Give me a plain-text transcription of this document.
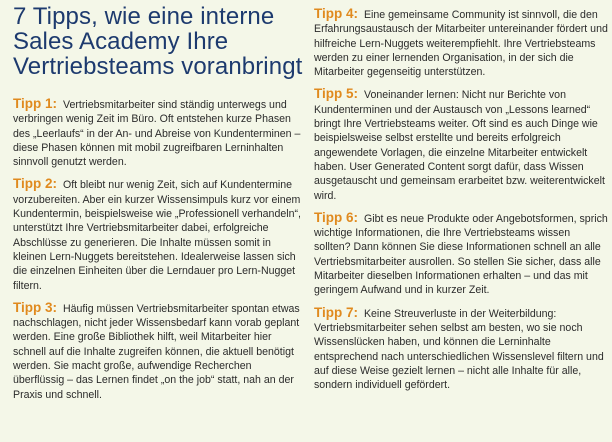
7 Tipps, wie eine interne Sales Academy Ihre Vertriebsteams voranbringt

Tipp 1: Vertriebsmitarbeiter sind ständig unterwegs und verbringen wenig Zeit im Büro. Oft entstehen kurze Phasen des „Leerlaufs“ in der An- und Abreise von Kundenterminen – diese Phasen können mit mobil zugreifbaren Lerninhalten sinnvoll genutzt werden.

Tipp 2: Oft bleibt nur wenig Zeit, sich auf Kundentermine vorzubereiten. Aber ein kurzer Wissensimpuls kurz vor einem Kundentermin, beispielsweise wie „Professionell verhandeln“, unterstützt Ihre Vertriebsmitarbeiter dabei, erfolgreiche Abschlüsse zu generieren. Die Inhalte müssen somit in kleinen Lern-Nuggets bereitstehen. Idealerweise lassen sich die einzelnen Einheiten über die Lerndauer pro Lern-Nugget filtern.

Tipp 3: Häufig müssen Vertriebsmitarbeiter spontan etwas nachschlagen, nicht jeder Wissensbedarf kann vorab geplant werden. Eine große Bibliothek hilft, weil Mitarbeiter hier schnell auf die Inhalte zugreifen können, die aktuell benötigt werden. Sie macht große, aufwendige Recherchen überflüssig – das Lernen findet „on the job“ statt, nah an der Praxis und schnell.

Tipp 4: Eine gemeinsame Community ist sinnvoll, die den Erfahrungsaustausch der Mitarbeiter untereinander fördert und hilfreiche Lern-Nuggets weiterempfiehlt. Ihre Vertriebsteams werden zu einer lernenden Organisation, in der sich die Mitarbeiter gegenseitig unterstützen.

Tipp 5: Voneinander lernen: Nicht nur Berichte von Kundenterminen und der Austausch von „Lessons learned“ bringt Ihre Vertriebsteams weiter. Oft sind es auch Dinge wie beispielsweise selbst erstellte und bereits erfolgreich angewendete Vorlagen, die einzelne Mitarbeiter entwickelt haben. User Generated Content sorgt dafür, dass Wissen ausgetauscht und gemeinsam erarbeitet bzw. weiterentwickelt wird.

Tipp 6: Gibt es neue Produkte oder Angebotsformen, sprich wichtige Informationen, die Ihre Vertriebsteams wissen sollten? Dann können Sie diese Informationen schnell an alle Vertriebsmitarbeiter ausrollen. So stellen Sie sicher, dass alle Mitarbeiter dieselben Informationen erhalten – und das mit geringem Aufwand und in kurzer Zeit.

Tipp 7: Keine Streuverluste in der Weiterbildung: Vertriebsmitarbeiter sehen selbst am besten, wo sie noch Wissenslücken haben, und können die Lerninhalte entsprechend nach unterschiedlichen Wissenslevel filtern und auf diese Weise gezielt lernen – nicht alle Inhalte für alle, sondern individuell gefördert.
